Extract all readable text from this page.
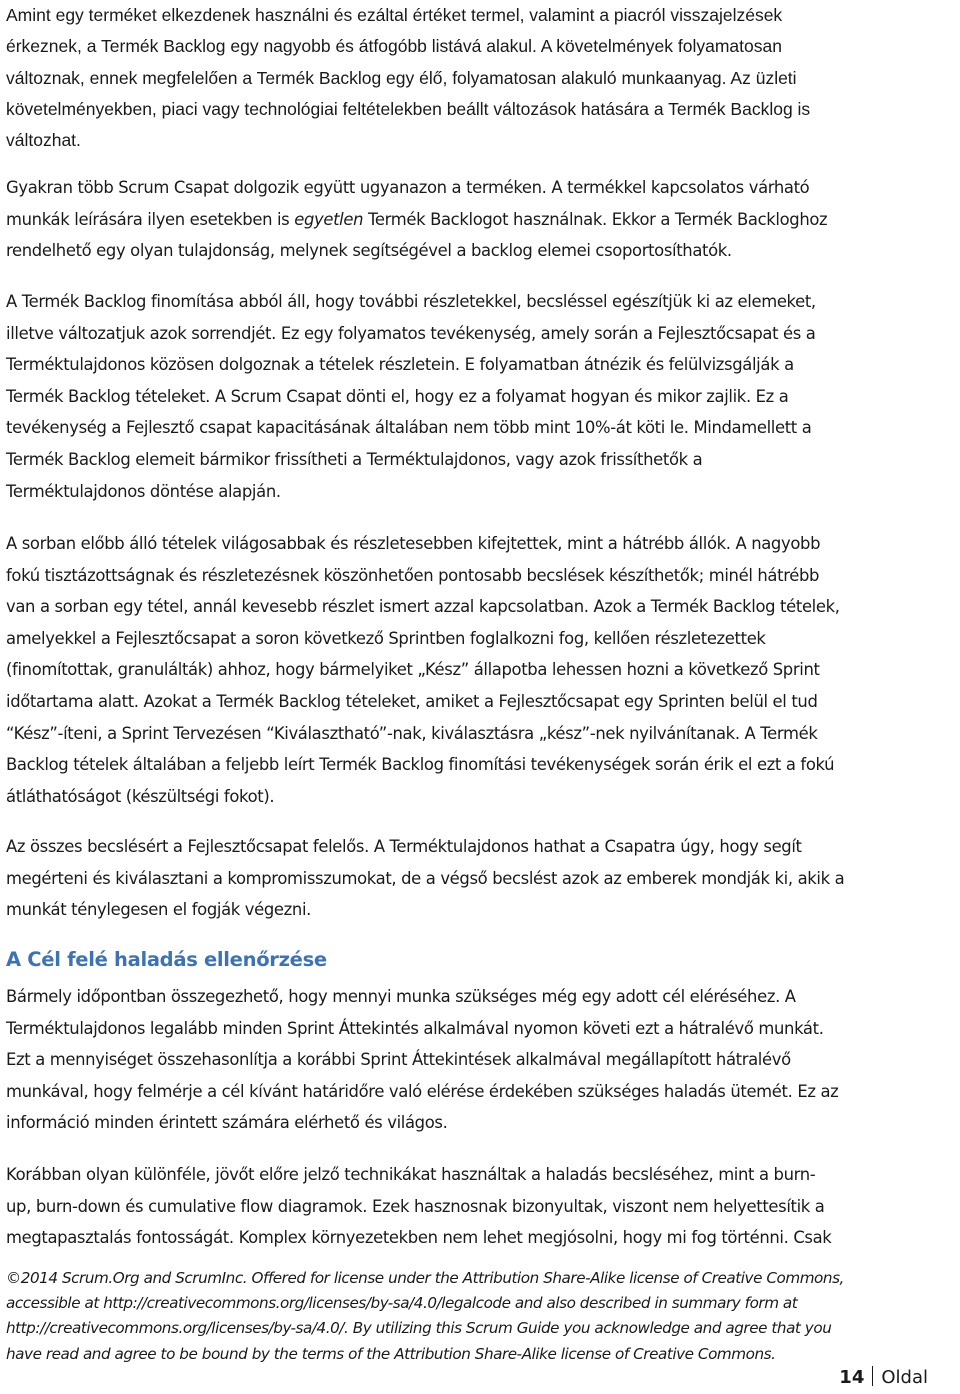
Amint egy terméket elkezdenek használni és ezáltal értéket termel, valamint a piacról visszajelzések
érkeznek, a Termék Backlog egy nagyobb és átfogóbb listává alakul. A követelmények folyamatosan
változnak, ennek megfelelően a Termék Backlog egy élő, folyamatosan alakuló munkaanyag. Az üzleti
követelményekben, piaci vagy technológiai feltételekben beállt változások hatására a Termék Backlog is
változhat.
Gyakran több Scrum Csapat dolgozik együtt ugyanazon a terméken. A termékkel kapcsolatos várható
munkák leírására ilyen esetekben is egyetlen Termék Backlogot használnak. Ekkor a Termék Backloghoz
rendelhető egy olyan tulajdonság, melynek segítségével a backlog elemei csoportosíthatók.
A Termék Backlog finomítása abból áll, hogy további részletekkel, becsléssel egészítjük ki az elemeket,
illetve változatjuk azok sorrendjét. Ez egy folyamatos tevékenység, amely során a Fejlesztőcsapat és a
Terméktulajdonos közösen dolgoznak a tételek részletein. E folyamatban átnézik és felülvizsgálják a
Termék Backlog tételeket. A Scrum Csapat dönti el, hogy ez a folyamat hogyan és mikor zajlik. Ez a
tevékenység a Fejlesztő csapat kapacitásának általában nem több mint 10%-át köti le. Mindamellett a
Termék Backlog elemeit bármikor frissítheti a Terméktulajdonos, vagy azok frissíthetők a
Terméktulajdonos döntése alapján.
A sorban előbb álló tételek világosabbak és részletesebben kifejtettek, mint a hátrébb állók. A nagyobb
fokú tisztázottságnak és részletezésnek köszönhetően pontosabb becslések készíthetők; minél hátrébb
van a sorban egy tétel, annál kevesebb részlet ismert azzal kapcsolatban. Azok a Termék Backlog tételek,
amelyekkel a Fejlesztőcsapat a soron következő Sprintben foglalkozni fog, kellően részletezettek
(finomítottak, granulálták) ahhoz, hogy bármelyiket „Kész” állapotba lehessen hozni a következő Sprint
időtartama alatt. Azokat a Termék Backlog tételeket, amiket a Fejlesztőcsapat egy Sprinten belül el tud
“Kész”-íteni, a Sprint Tervezésen “Kiválasztható”-nak, kiválasztásra „kész”-nek nyilvánítanak. A Termék
Backlog tételek általában a feljebb leírt Termék Backlog finomítási tevékenységek során érik el ezt a fokú
átláthatóságot (készültségi fokot).
Az összes becslésért a Fejlesztőcsapat felelős. A Terméktulajdonos hathat a Csapatra úgy, hogy segít
megérteni és kiválasztani a kompromisszumokat, de a végső becslést azok az emberek mondják ki, akik a
munkát ténylegesen el fogják végezni.
A Cél felé haladás ellenőrzése
Bármely időpontban összegezhető, hogy mennyi munka szükséges még egy adott cél eléréséhez. A
Terméktulajdonos legalább minden Sprint Áttekintés alkalmával nyomon követi ezt a hátralévő munkát.
Ezt a mennyiséget összehasonlítja a korábbi Sprint Áttekintések alkalmával megállapított hátralévő
munkával, hogy felmérje a cél kívánt határidőre való elérése érdekében szükséges haladás ütemét. Ez az
információ minden érintett számára elérhető és világos.
Korábban olyan különféle, jövőt előre jelző technikákat használtak a haladás becsléséhez, mint a burn-
up, burn-down és cumulative flow diagramok. Ezek hasznosnak bizonyultak, viszont nem helyettesítik a
megtapasztalás fontosságát. Komplex környezetekben nem lehet megjósolni, hogy mi fog történni. Csak
©2014 Scrum.Org and ScrumInc. Offered for license under the Attribution Share-Alike license of Creative Commons,
accessible at http://creativecommons.org/licenses/by-sa/4.0/legalcode and also described in summary form at
http://creativecommons.org/licenses/by-sa/4.0/. By utilizing this Scrum Guide you acknowledge and agree that you
have read and agree to be bound by the terms of the Attribution Share-Alike license of Creative Commons.
14 Oldal
